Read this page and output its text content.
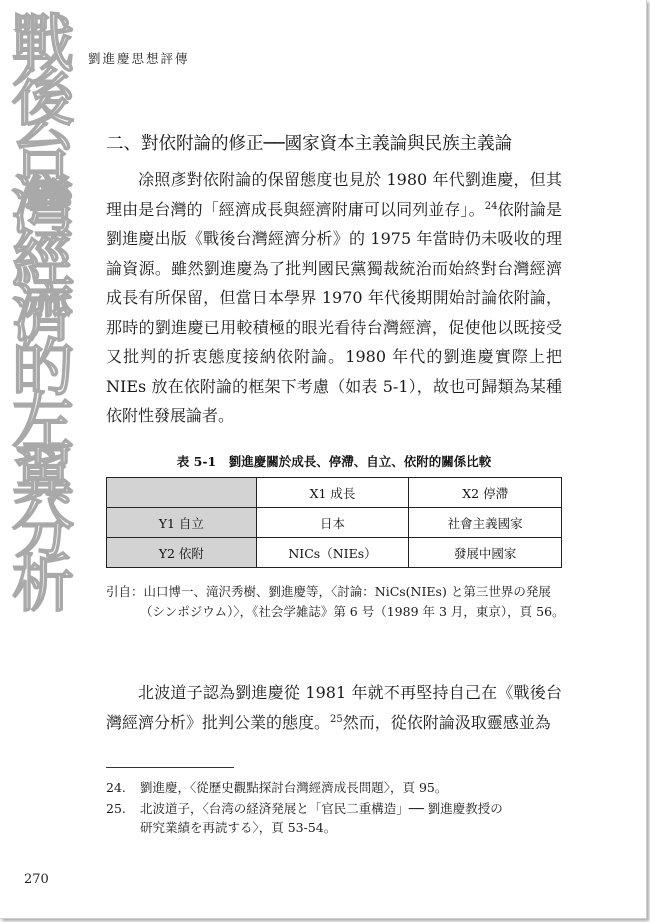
劉進慶思想評傳
戰
後
台
灣
經
濟
的
左
翼
分
析
二、對依附論的修正──國家資本主義論與民族主義論

凃照彥對依附論的保留態度也見於 1980 年代劉進慶，但其理由是台灣的「經濟成長與經濟附庸可以同列並存」。$^{24}$依附論是劉進慶出版《戰後台灣經濟分析》的 1975 年當時仍未吸收的理論資源。雖然劉進慶為了批判國民黨獨裁統治而始終對台灣經濟成長有所保留，但當日本學界 1970 年代後期開始討論依附論，那時的劉進慶已用較積極的眼光看待台灣經濟，促使他以既接受又批判的折衷態度接納依附論。1980 年代的劉進慶實際上把 NIEs 放在依附論的框架下考慮（如表 5-1），故也可歸類為某種依附性發展論者。

表 5-1　劉進慶關於成長、停滯、自立、依附的關係比較
	X1 成長	X2 停滯
Y1 自立	日本	社會主義國家
Y2 依附	NICs（NIEs）	發展中國家
引自：山口博一、滝沢秀樹、劉進慶等，〈討論：NiCs(NIEs) と第三世界の発展（シンポジウム）〉，《社会学雑誌》第 6 号（1989 年 3 月，東京），頁 56。

北波道子認為劉進慶從 1981 年就不再堅持自己在《戰後台灣經濟分析》批判公業的態度。$^{25}$然而，從依附論汲取靈感並為

24. 劉進慶，〈從歷史觀點探討台灣經濟成長問題〉，頁 95。
25. 北波道子，〈台湾の経済発展と「官民二重構造」── 劉進慶教授の
研究業績を再読する〉，頁 53-54。
270
